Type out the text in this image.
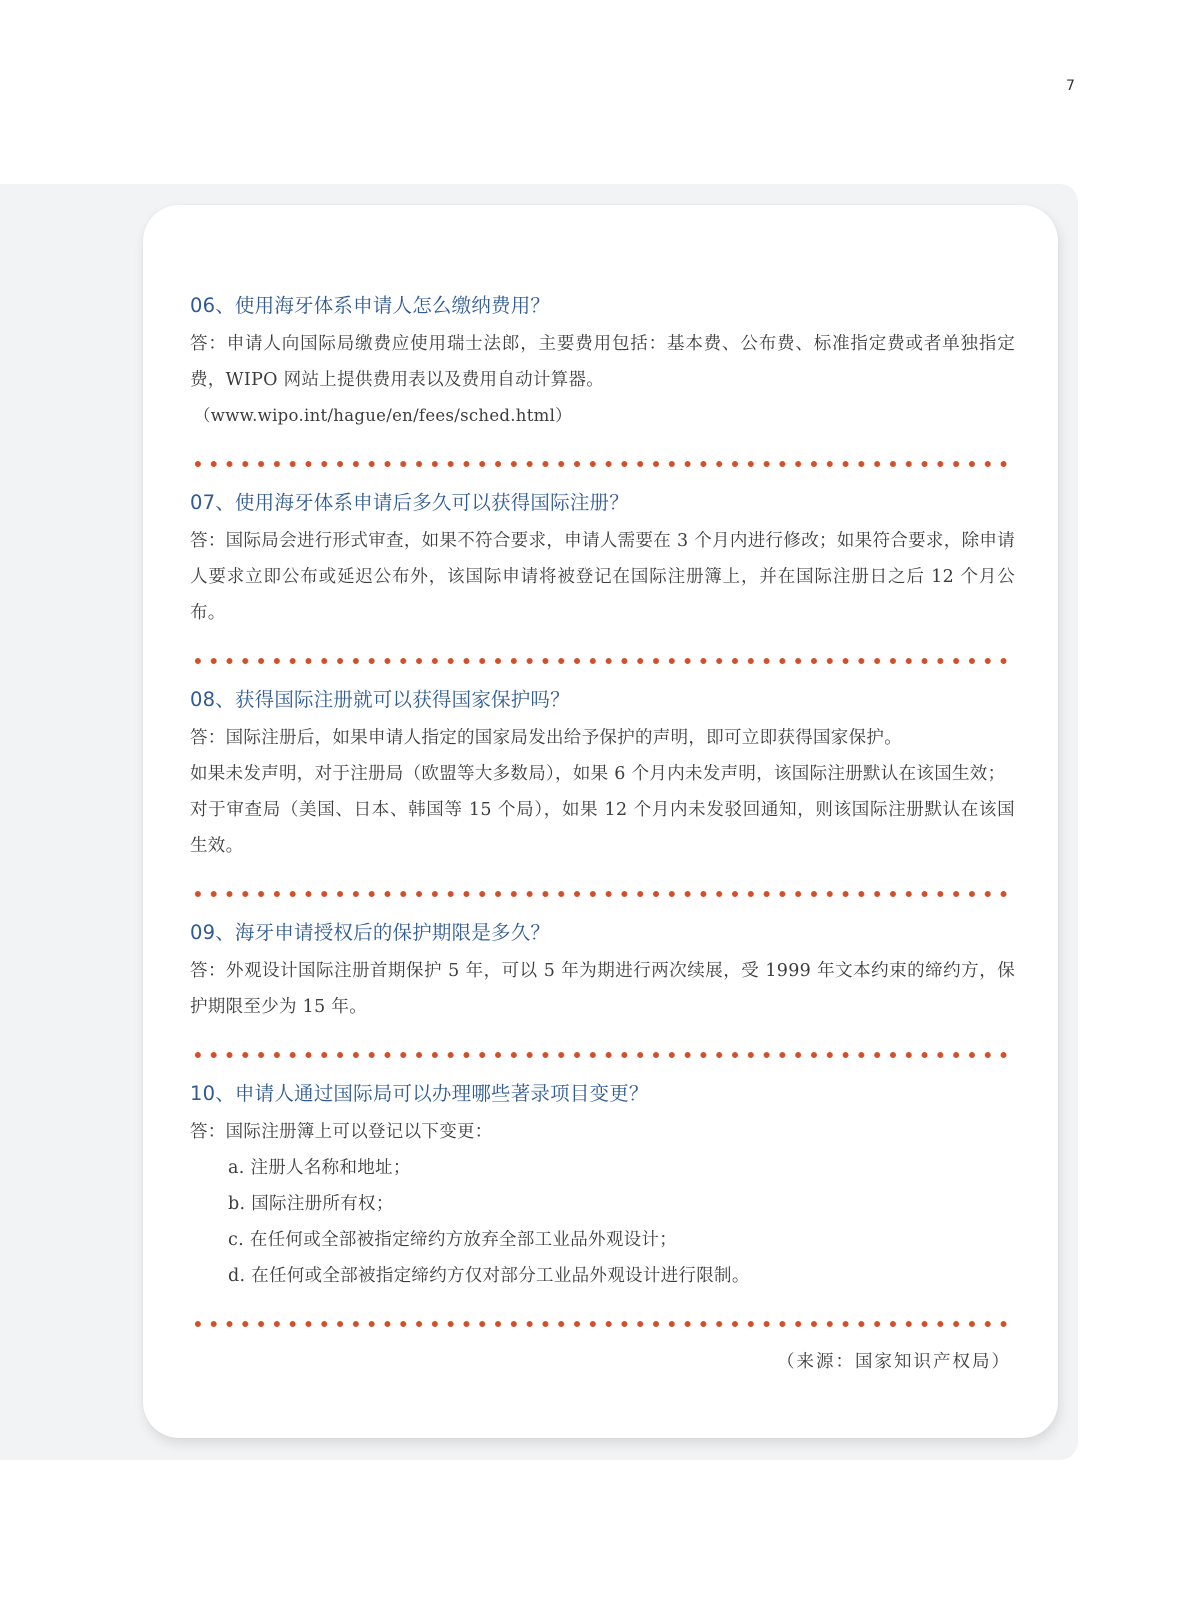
7
06、使用海牙体系申请人怎么缴纳费用？

答：申请人向国际局缴费应使用瑞士法郎，主要费用包括：基本费、公布费、标准指定费或者单独指定费，WIPO 网站上提供费用表以及费用自动计算器。

（www.wipo.int/hague/en/fees/sched.html）

07、使用海牙体系申请后多久可以获得国际注册？

答：国际局会进行形式审查，如果不符合要求，申请人需要在 3 个月内进行修改；如果符合要求，除申请人要求立即公布或延迟公布外，该国际申请将被登记在国际注册簿上，并在国际注册日之后 12 个月公布。

08、获得国际注册就可以获得国家保护吗？

答：国际注册后，如果申请人指定的国家局发出给予保护的声明，即可立即获得国家保护。

如果未发声明，对于注册局（欧盟等大多数局），如果 6 个月内未发声明，该国际注册默认在该国生效；

对于审查局（美国、日本、韩国等 15 个局），如果 12 个月内未发驳回通知，则该国际注册默认在该国生效。

09、海牙申请授权后的保护期限是多久？

答：外观设计国际注册首期保护 5 年，可以 5 年为期进行两次续展，受 1999 年文本约束的缔约方，保护期限至少为 15 年。

10、申请人通过国际局可以办理哪些著录项目变更？

答：国际注册簿上可以登记以下变更：

a. 注册人名称和地址；

b. 国际注册所有权；

c. 在任何或全部被指定缔约方放弃全部工业品外观设计；

d. 在任何或全部被指定缔约方仅对部分工业品外观设计进行限制。

（来源：国家知识产权局）
